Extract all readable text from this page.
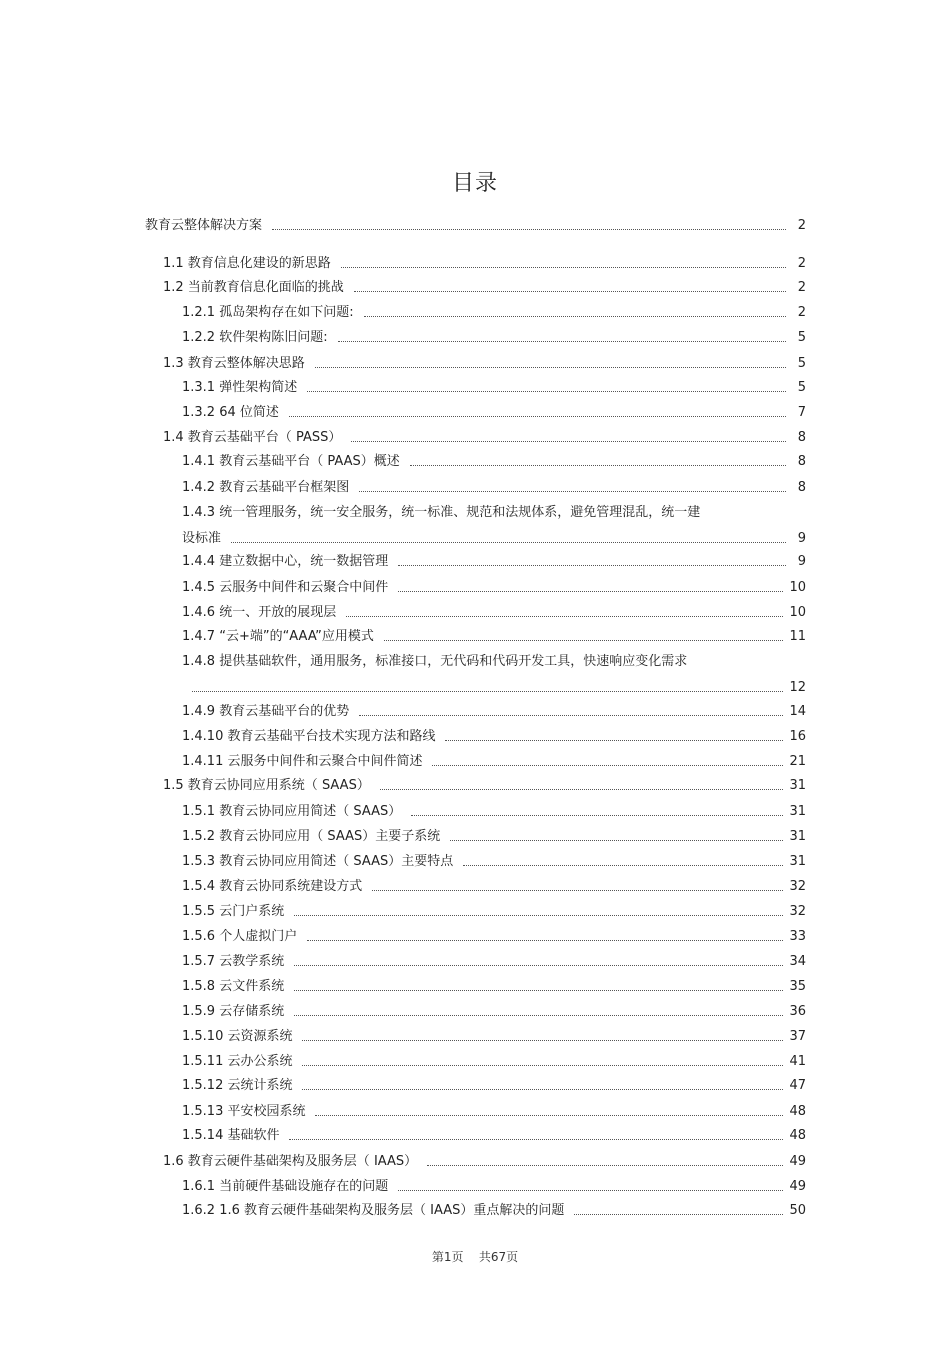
目录
教育云整体解决方案	2
1.1 教育信息化建设的新思路	2
1.2 当前教育信息化面临的挑战	2
1.2.1 孤岛架构存在如下问题:	2
1.2.2 软件架构陈旧问题:	5
1.3 教育云整体解决思路	5
1.3.1 弹性架构简述	5
1.3.2 64 位简述	7
1.4 教育云基础平台（ PASS）	8
1.4.1 教育云基础平台（ PAAS）概述	8
1.4.2 教育云基础平台框架图	8
1.4.3 统一管理服务，统一安全服务，统一标准、规范和法规体系，避免管理混乱，统一建
设标准	9
1.4.4 建立数据中心，统一数据管理	9
1.4.5 云服务中间件和云聚合中间件	10
1.4.6 统一、开放的展现层	10
1.4.7 “云+端”的“AAA”应用模式	11
1.4.8 提供基础软件，通用服务，标准接口，无代码和代码开发工具，快速响应变化需求
12
1.4.9 教育云基础平台的优势	14
1.4.10 教育云基础平台技术实现方法和路线	16
1.4.11 云服务中间件和云聚合中间件简述	21
1.5 教育云协同应用系统（ SAAS）	31
1.5.1 教育云协同应用简述（ SAAS）	31
1.5.2 教育云协同应用（ SAAS）主要子系统	31
1.5.3 教育云协同应用简述（ SAAS）主要特点	31
1.5.4 教育云协同系统建设方式	32
1.5.5 云门户系统	32
1.5.6 个人虚拟门户	33
1.5.7 云教学系统	34
1.5.8 云文件系统	35
1.5.9 云存储系统	36
1.5.10 云资源系统	37
1.5.11 云办公系统	41
1.5.12 云统计系统	47
1.5.13 平安校园系统	48
1.5.14 基础软件	48
1.6 教育云硬件基础架构及服务层（ IAAS）	49
1.6.1 当前硬件基础设施存在的问题	49
1.6.2 1.6 教育云硬件基础架构及服务层（ IAAS）重点解决的问题	50
第1页 共67页
